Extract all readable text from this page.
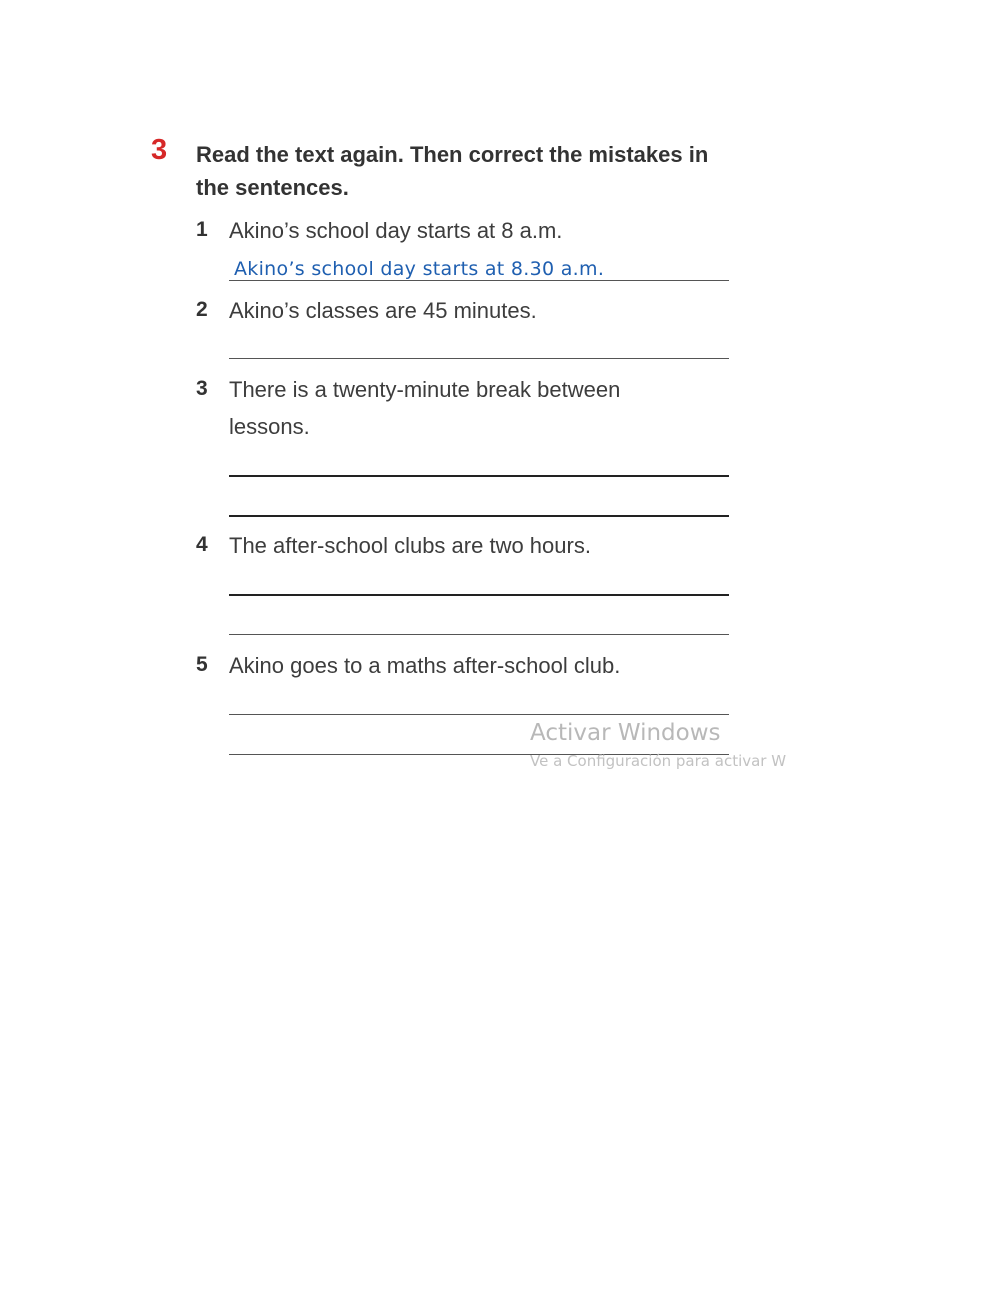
3 Read the text again. Then correct the mistakes in the sentences.
1 Akino’s school day starts at 8 a.m.
Akino’s school day starts at 8.30 a.m.
2 Akino’s classes are 45 minutes.
3 There is a twenty-minute break between lessons.
4 The after-school clubs are two hours.
5 Akino goes to a maths after-school club.
Activar Windows
Ve a Configuración para activar W
